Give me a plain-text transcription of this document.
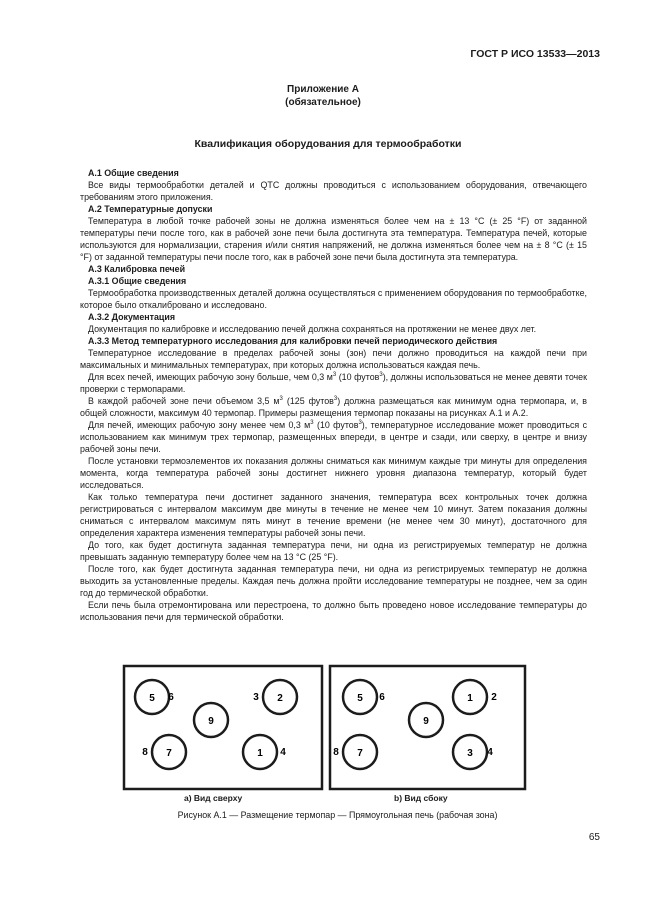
ГОСТ Р ИСО 13533—2013
Приложение А
(обязательное)
Квалификация оборудования для термообработки

А.1 Общие сведения

Все виды термообработки деталей и QTC должны проводиться с использованием оборудования, отвечающего требованиям этого приложения.

А.2 Температурные допуски

Температура в любой точке рабочей зоны не должна изменяться более чем на ± 13 °С (± 25 °F) от заданной температуры печи после того, как в рабочей зоне печи была достигнута эта температура. Температура печей, которые используются для нормализации, старения и/или снятия напряжений, не должна изменяться более чем на ± 8 °С (± 15 °F) от заданной температуры печи после того, как в рабочей зоне печи была достигнута эта температура.

А.3 Калибровка печей

А.3.1 Общие сведения

Термообработка производственных деталей должна осуществляться с применением оборудования по термообработке, которое было откалибровано и исследовано.

А.3.2 Документация

Документация по калибровке и исследованию печей должна сохраняться на протяжении не менее двух лет.

А.3.3 Метод температурного исследования для калибровки печей периодического действия

Температурное исследование в пределах рабочей зоны (зон) печи должно проводиться на каждой печи при максимальных и минимальных температурах, при которых должна использоваться каждая печь.

Для всех печей, имеющих рабочую зону больше, чем 0,3 $м^3$ (10 футов$^3$), должны использоваться не менее девяти точек проверки с термопарами.

В каждой рабочей зоне печи объемом 3,5 $м^3$ (125 футов$^3$) должна размещаться как минимум одна термопара, и, в общей сложности, максимум 40 термопар. Примеры размещения термопар показаны на рисунках А.1 и А.2.

Для печей, имеющих рабочую зону менее чем 0,3 $м^3$ (10 футов$^3$), температурное исследование может проводиться с использованием как минимум трех термопар, размещенных впереди, в центре и сзади, или сверху, в центре и внизу рабочей зоны печи.

После установки термоэлементов их показания должны сниматься как минимум каждые три минуты для определения момента, когда температура рабочей зоны достигнет нижнего уровня диапазона температур, который будет исследоваться.

Как только температура печи достигнет заданного значения, температура всех контрольных точек должна регистрироваться с интервалом максимум две минуты в течение не менее чем 10 минут. Затем показания должны сниматься с интервалом максимум пять минут в течение времени (не менее чем 30 минут), достаточного для определения характера изменения температуры рабочей зоны печи.

До того, как будет достигнута заданная температура печи, ни одна из регистрируемых температур не должна превышать заданную температуру более чем на 13 °С (25 °F).

После того, как будет достигнута заданная температура печи, ни одна из регистрируемых температур не должна выходить за установленные пределы. Каждая печь должна пройти исследование температуры не позднее, чем за один год до термической обработки.

Если печь была отремонтирована или перестроена, то должно быть проведено новое исследование температуры до использования печи для термической обработки.

5 6	2
3
9
7
8	1 4
5 6	1 2
9
7
8	3 4
а) Вид сверху	b) Вид сбоку
Рисунок А.1 — Размещение термопар — Прямоугольная печь (рабочая зона)
65
